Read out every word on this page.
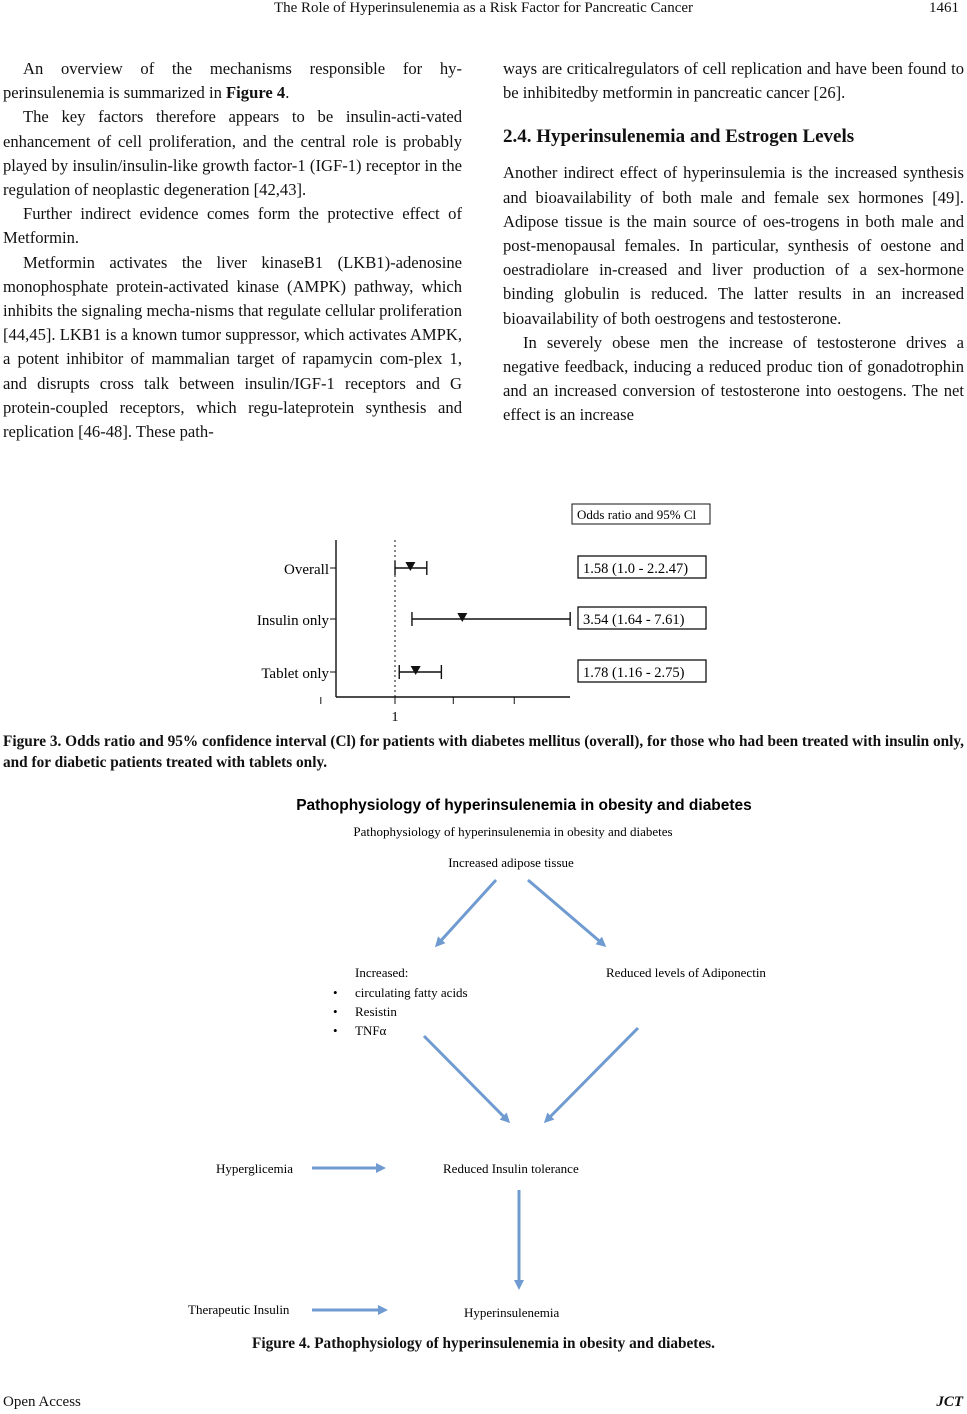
The Role of Hyperinsulenemia as a Risk Factor for Pancreatic Cancer	1461

An overview of the mechanisms responsible for hy-perinsulenemia is summarized in Figure 4.

The key factors therefore appears to be insulin-acti-vated enhancement of cell proliferation, and the central role is probably played by insulin/insulin-like growth factor-1 (IGF-1) receptor in the regulation of neoplastic degeneration [42,43].

Further indirect evidence comes form the protective effect of Metformin.

Metformin activates the liver kinaseB1 (LKB1)-adenosine monophosphate protein-activated kinase (AMPK) pathway, which inhibits the signaling mecha-nisms that regulate cellular proliferation [44,45]. LKB1 is a known tumor suppressor, which activates AMPK, a potent inhibitor of mammalian target of rapamycin com-plex 1, and disrupts cross talk between insulin/IGF-1 receptors and G protein-coupled receptors, which regu-lateprotein synthesis and replication [46-48]. These path-

ways are criticalregulators of cell replication and have been found to be inhibitedby metformin in pancreatic cancer [26].

2.4. Hyperinsulenemia and Estrogen Levels

Another indirect effect of hyperinsulemia is the increased synthesis and bioavailability of both male and female sex hormones [49]. Adipose tissue is the main source of oes-trogens in both male and post-menopausal females. In particular, synthesis of oestone and oestradiolare in-creased and liver production of a sex-hormone binding globulin is reduced. The latter results in an increased bioavailability of both oestrogens and testosterone.

In severely obese men the increase of testosterone drives a negative feedback, inducing a reduced produc tion of gonadotrophin and an increased conversion of testosterone into oestogens. The net effect is an increase

Odds ratio and 95% Cl
1
Overall	1.58 (1.0 - 2.2.47)
Insulin only	3.54 (1.64 - 7.61)
Tablet only	1.78 (1.16 - 2.75)
Figure 3. Odds ratio and 95% confidence interval (Cl) for patients with diabetes mellitus (overall), for those who had been treated with insulin only, and for diabetic patients treated with tablets only.
Pathophysiology of hyperinsulenemia in obesity and diabetes
Pathophysiology of hyperinsulenemia in obesity and diabetes
Increased adipose tissue
Increased:
• circulating fatty acids
• Resistin
• TNFα
Reduced levels of Adiponectin
Hyperglicemia	Reduced Insulin tolerance
Therapeutic Insulin	Hyperinsulenemia
Figure 4. Pathophysiology of hyperinsulenemia in obesity and diabetes.
Open Access	JCT
